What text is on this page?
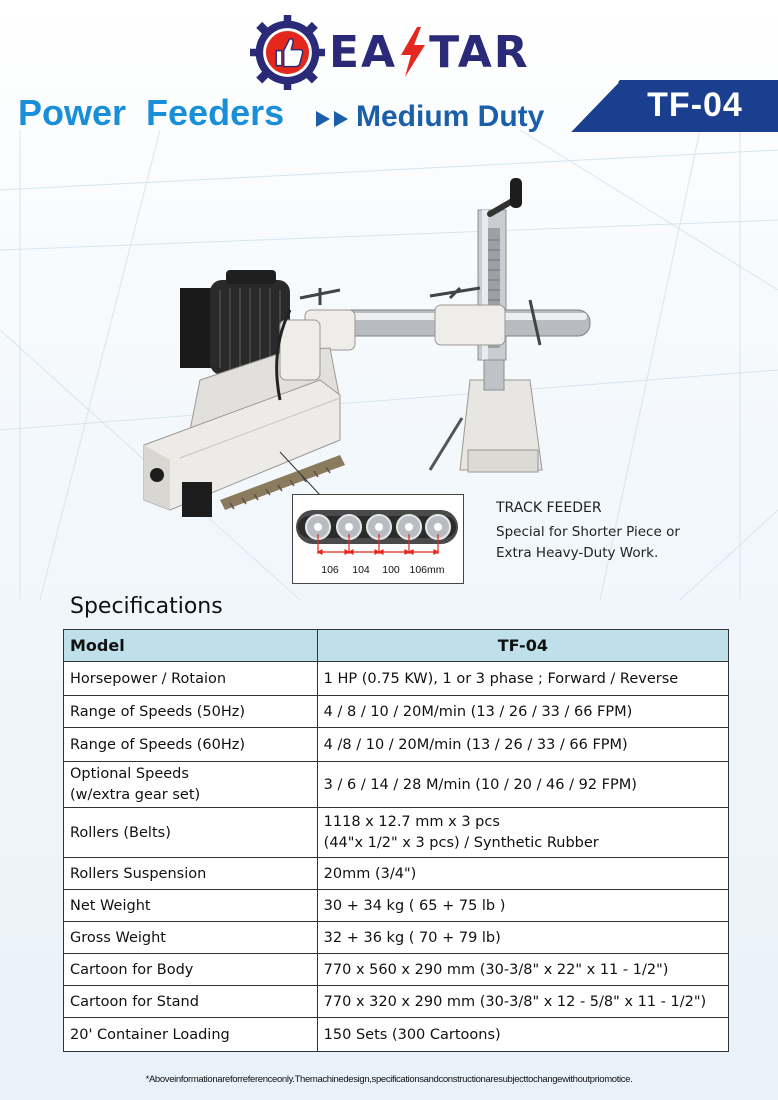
EA TAR
Power  Feeders Medium Duty	TF-04
106 104 100 106mm
TRACK FEEDER
Special for Shorter Piece or
Extra Heavy-Duty Work.
Specifications
Model	TF-04
Horsepower / Rotaion	1 HP (0.75 KW), 1 or 3 phase ; Forward / Reverse
Range of Speeds (50Hz)	4 / 8 / 10 / 20M/min (13 / 26 / 33 / 66 FPM)
Range of Speeds (60Hz)	4 /8 / 10 / 20M/min (13 / 26 / 33 / 66 FPM)

Optional Speeds
(w/extra gear set)	3 / 6 / 14 / 28 M/min (10 / 20 / 46 / 92 FPM)
Rollers (Belts)	1118 x 12.7 mm x 3 pcs
(44"x 1/2" x 3 pcs) / Synthetic Rubber

Rollers Suspension	20mm (3/4")
Net Weight	30 + 34 kg ( 65 + 75 lb )
Gross Weight	32 + 36 kg ( 70 + 79 lb)
Cartoon for Body	770 x 560 x 290 mm (30-3/8" x 22" x 11 - 1/2")
Cartoon for Stand	770 x 320 x 290 mm (30-3/8" x 12 - 5/8" x 11 - 1/2")
20' Container Loading	150 Sets (300 Cartoons)
*Aboveinformationareforreferenceonly.Themachinedesign,specificationsandconstructionaresubjecttochangewithoutpriomotice.
